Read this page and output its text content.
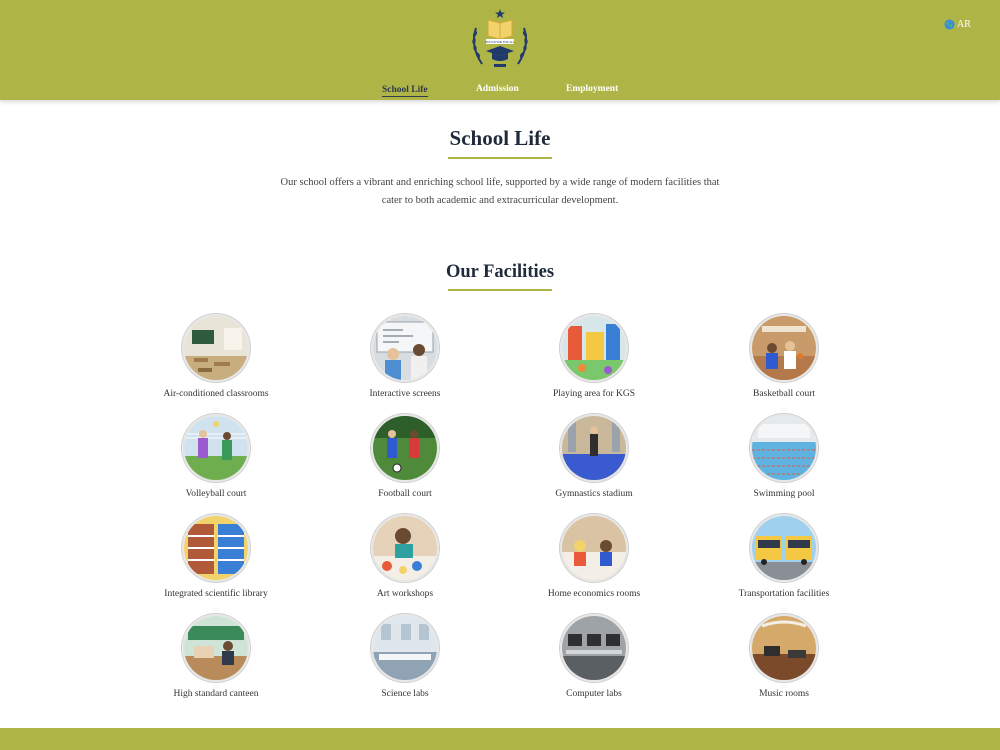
EDUCATION FOR ALL
AR
School Life	Admission	Employment
School Life

Our school offers a vibrant and enriching school life, supported by a wide range of modern facilities that cater to both academic and extracurricular development.

Our Facilities
Air-conditioned classrooms	Interactive screens	Playing area for KGS	Basketball court
Volleyball court	Football court	Gymnastics stadium	Swimming pool
Integrated scientific library	Art workshops	Home economics rooms	Transportation facilities
High standard canteen	Science labs	Computer labs	Music rooms
